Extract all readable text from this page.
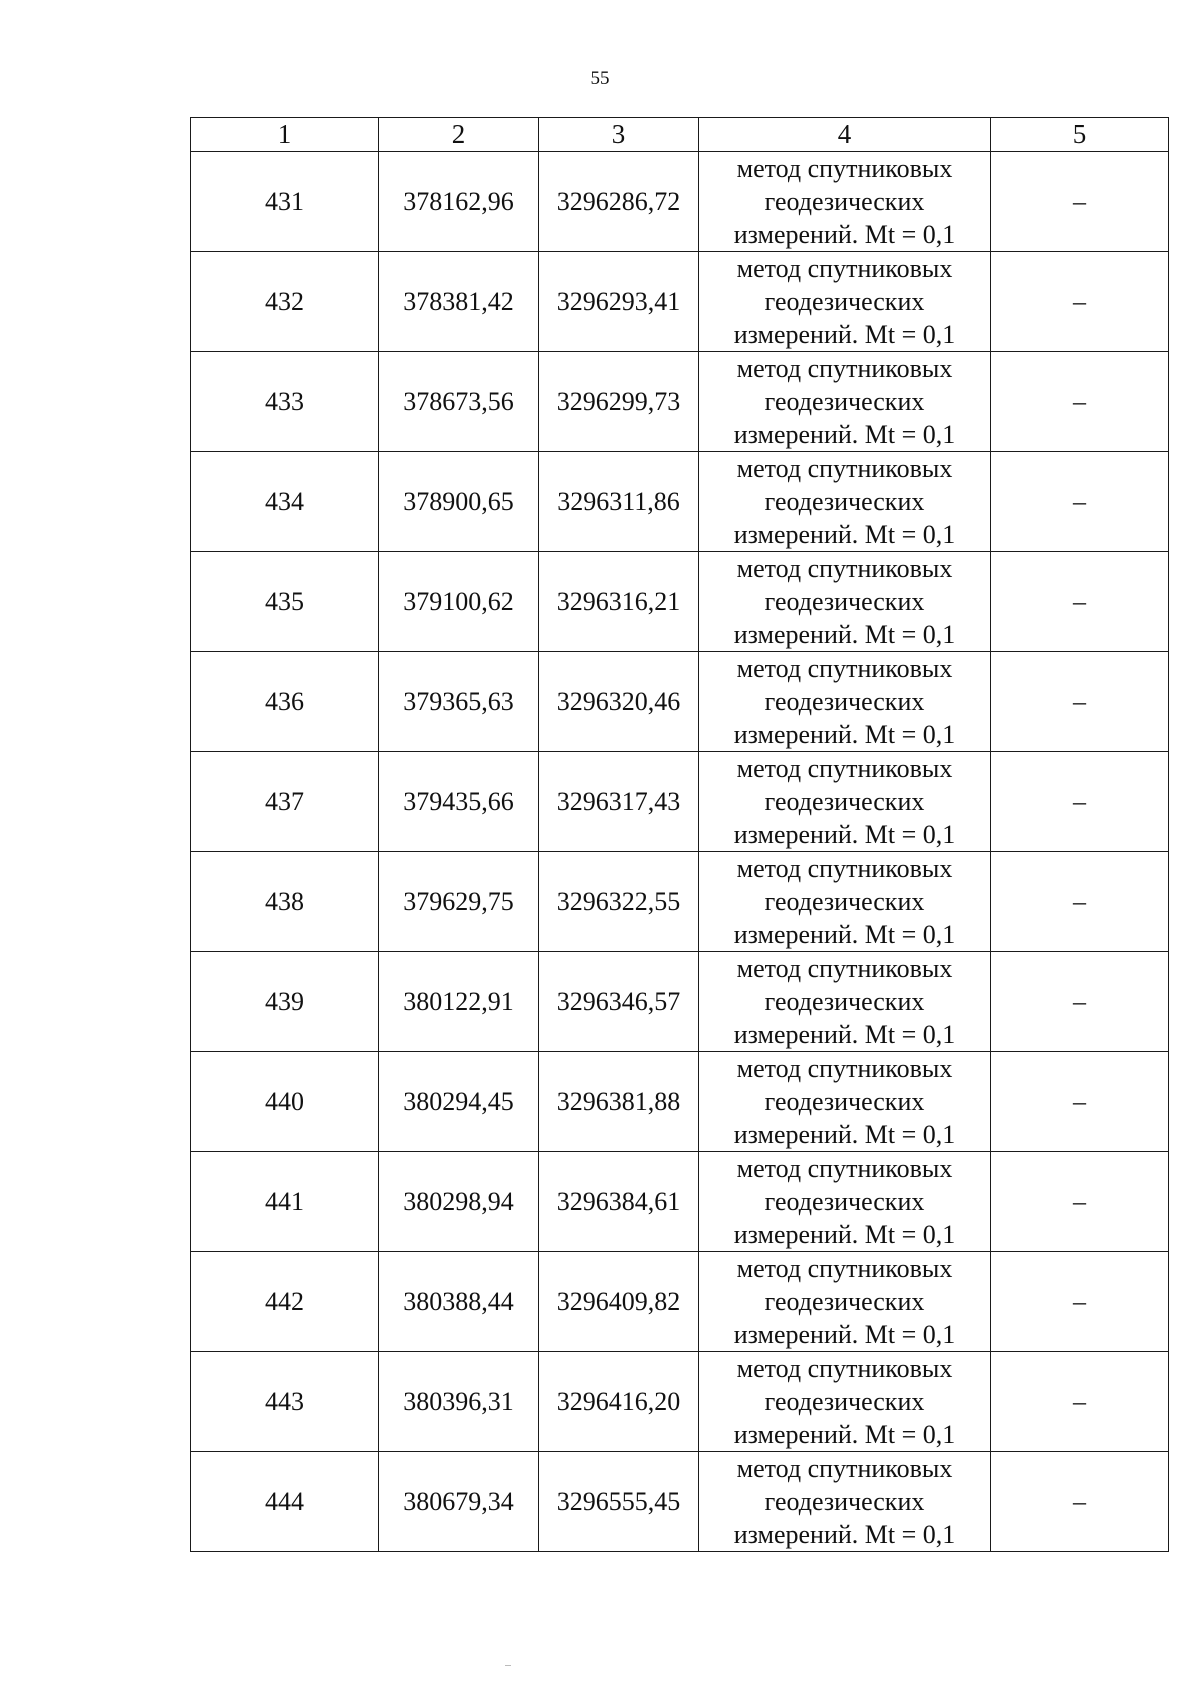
55
1	2	3	4	5
431	378162,96	3296286,72	метод спутниковых
геодезических
измерений. Mt = 0,1	–
432	378381,42	3296293,41	метод спутниковых
геодезических
измерений. Mt = 0,1	–
433	378673,56	3296299,73	метод спутниковых
геодезических
измерений. Mt = 0,1	–
434	378900,65	3296311,86	метод спутниковых
геодезических
измерений. Mt = 0,1	–
435	379100,62	3296316,21	метод спутниковых
геодезических
измерений. Mt = 0,1	–
436	379365,63	3296320,46	метод спутниковых
геодезических
измерений. Mt = 0,1	–
437	379435,66	3296317,43	метод спутниковых
геодезических
измерений. Mt = 0,1	–
438	379629,75	3296322,55	метод спутниковых
геодезических
измерений. Mt = 0,1	–
439	380122,91	3296346,57	метод спутниковых
геодезических
измерений. Mt = 0,1	–
440	380294,45	3296381,88	метод спутниковых
геодезических
измерений. Mt = 0,1	–
441	380298,94	3296384,61	метод спутниковых
геодезических
измерений. Mt = 0,1	–
442	380388,44	3296409,82	метод спутниковых
геодезических
измерений. Mt = 0,1	–
443	380396,31	3296416,20	метод спутниковых
геодезических
измерений. Mt = 0,1	–
444	380679,34	3296555,45	метод спутниковых
геодезических
измерений. Mt = 0,1	–
